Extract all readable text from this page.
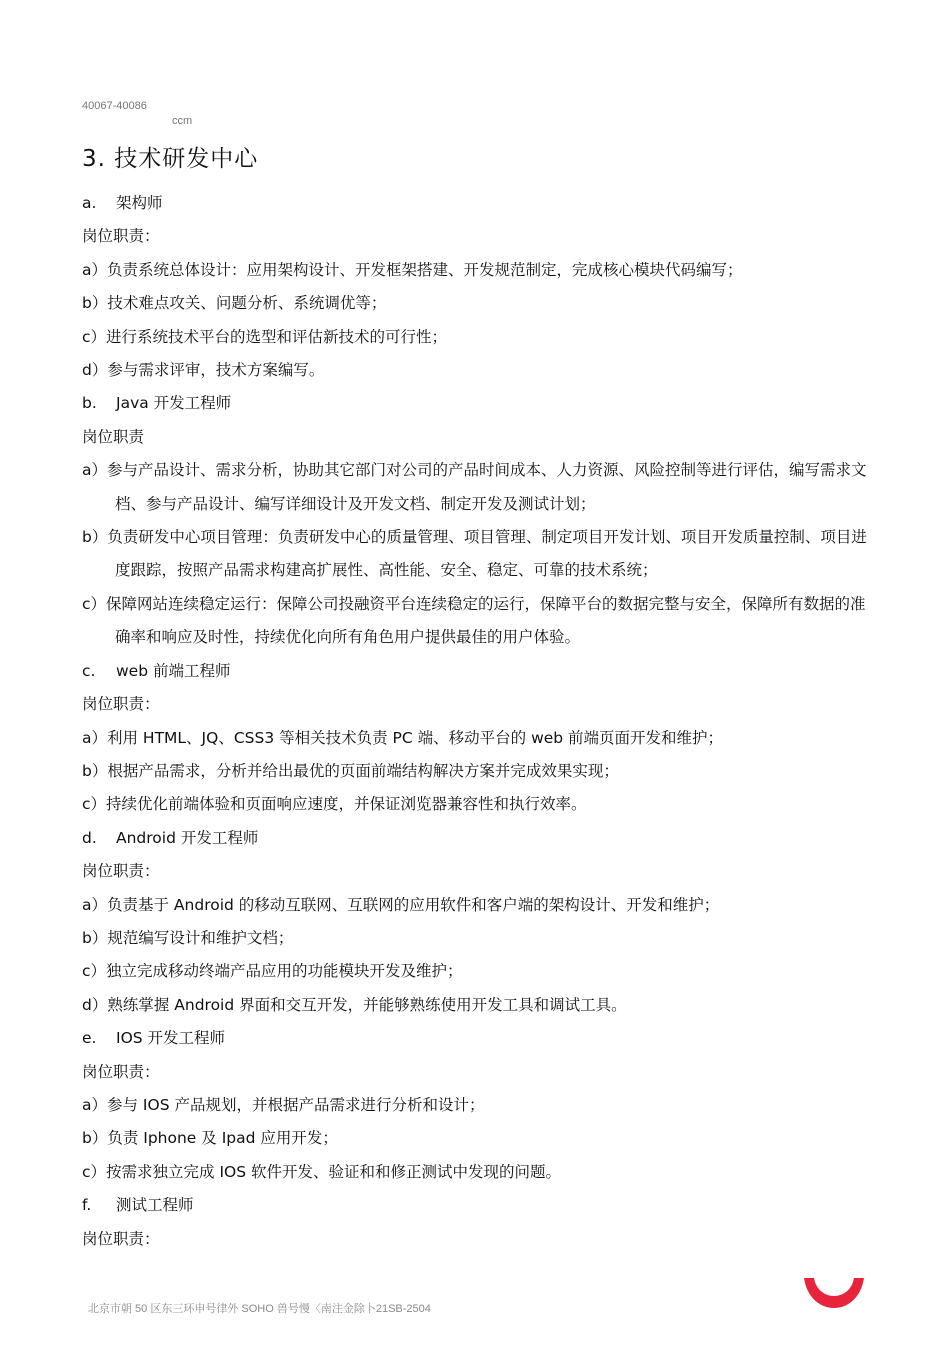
40067-40086
ccm
3. 技术研发中心
a. 架构师
岗位职责：
a）负责系统总体设计：应用架构设计、开发框架搭建、开发规范制定，完成核心模块代码编写；
b）技术难点攻关、问题分析、系统调优等；
c）进行系统技术平台的选型和评估新技术的可行性；
d）参与需求评审，技术方案编写。
b. Java 开发工程师
岗位职责
a）参与产品设计、需求分析，协助其它部门对公司的产品时间成本、人力资源、风险控制等进行评估，编写需求文档、参与产品设计、编写详细设计及开发文档、制定开发及测试计划；
b）负责研发中心项目管理：负责研发中心的质量管理、项目管理、制定项目开发计划、项目开发质量控制、项目进度跟踪，按照产品需求构建高扩展性、高性能、安全、稳定、可靠的技术系统；
c）保障网站连续稳定运行：保障公司投融资平台连续稳定的运行，保障平台的数据完整与安全，保障所有数据的准确率和响应及时性，持续优化向所有角色用户提供最佳的用户体验。
c. web 前端工程师
岗位职责：
a）利用 HTML、JQ、CSS3 等相关技术负责 PC 端、移动平台的 web 前端页面开发和维护；
b）根据产品需求，分析并给出最优的页面前端结构解决方案并完成效果实现；
c）持续优化前端体验和页面响应速度，并保证浏览器兼容性和执行效率。
d. Android 开发工程师
岗位职责：
a）负责基于 Android 的移动互联网、互联网的应用软件和客户端的架构设计、开发和维护；
b）规范编写设计和维护文档；
c）独立完成移动终端产品应用的功能模块开发及维护；
d）熟练掌握 Android 界面和交互开发，并能够熟练使用开发工具和调试工具。
e. IOS 开发工程师
岗位职责：
a）参与 IOS 产品规划，并根据产品需求进行分析和设计；
b）负责 Iphone 及 Ipad 应用开发；
c）按需求独立完成 IOS 软件开发、验证和和修正测试中发现的问题。
f. 测试工程师
岗位职责：
北京市朝 50 区东三环申号律外 SOHO 兽号慢〈南注金除卜21SB-2504
